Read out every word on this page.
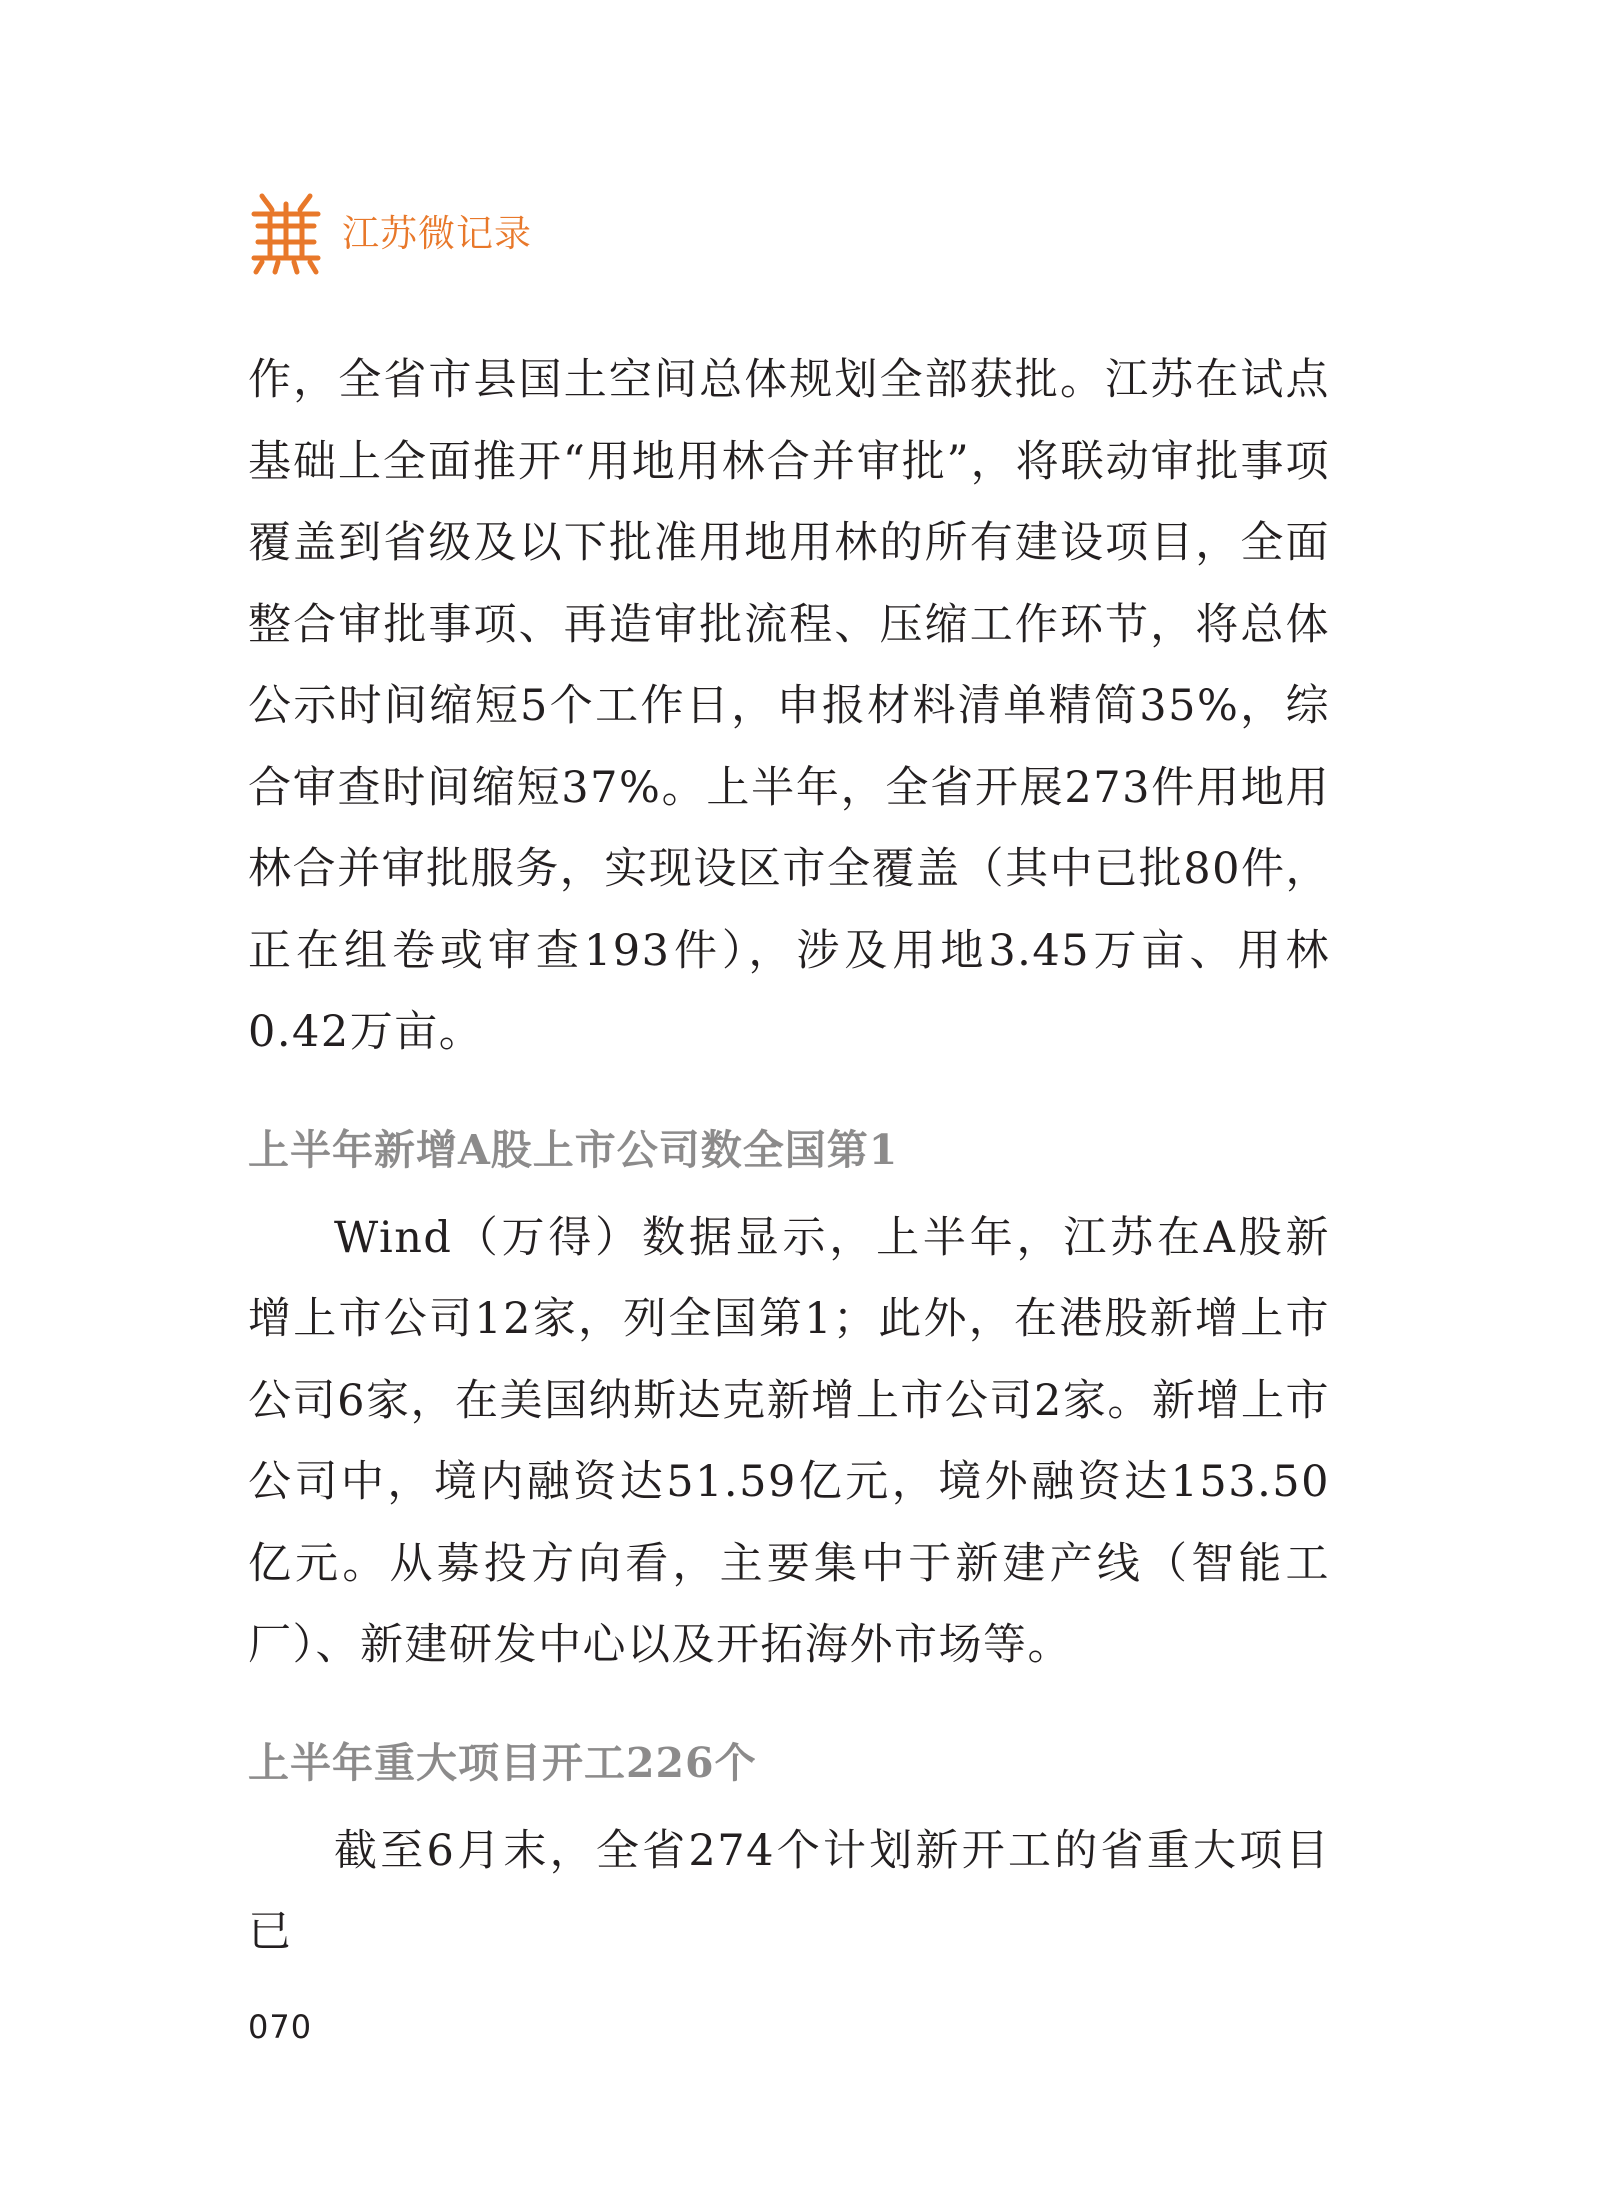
江苏微记录

作，全省市县国土空间总体规划全部获批。江苏在试点基础上全面推开“用地用林合并审批”，将联动审批事项覆盖到省级及以下批准用地用林的所有建设项目，全面整合审批事项、再造审批流程、压缩工作环节，将总体公示时间缩短5个工作日，申报材料清单精简35%，综合审查时间缩短37%。上半年，全省开展273件用地用林合并审批服务，实现设区市全覆盖（其中已批80件，正在组卷或审查193件），涉及用地3.45万亩、用林0.42万亩。

上半年新增A股上市公司数全国第1

Wind（万得）数据显示，上半年，江苏在A股新增上市公司12家，列全国第1；此外，在港股新增上市公司6家，在美国纳斯达克新增上市公司2家。新增上市公司中，境内融资达51.59亿元，境外融资达153.50亿元。从募投方向看，主要集中于新建产线（智能工厂）、新建研发中心以及开拓海外市场等。

上半年重大项目开工226个

截至6月末，全省274个计划新开工的省重大项目已

070
